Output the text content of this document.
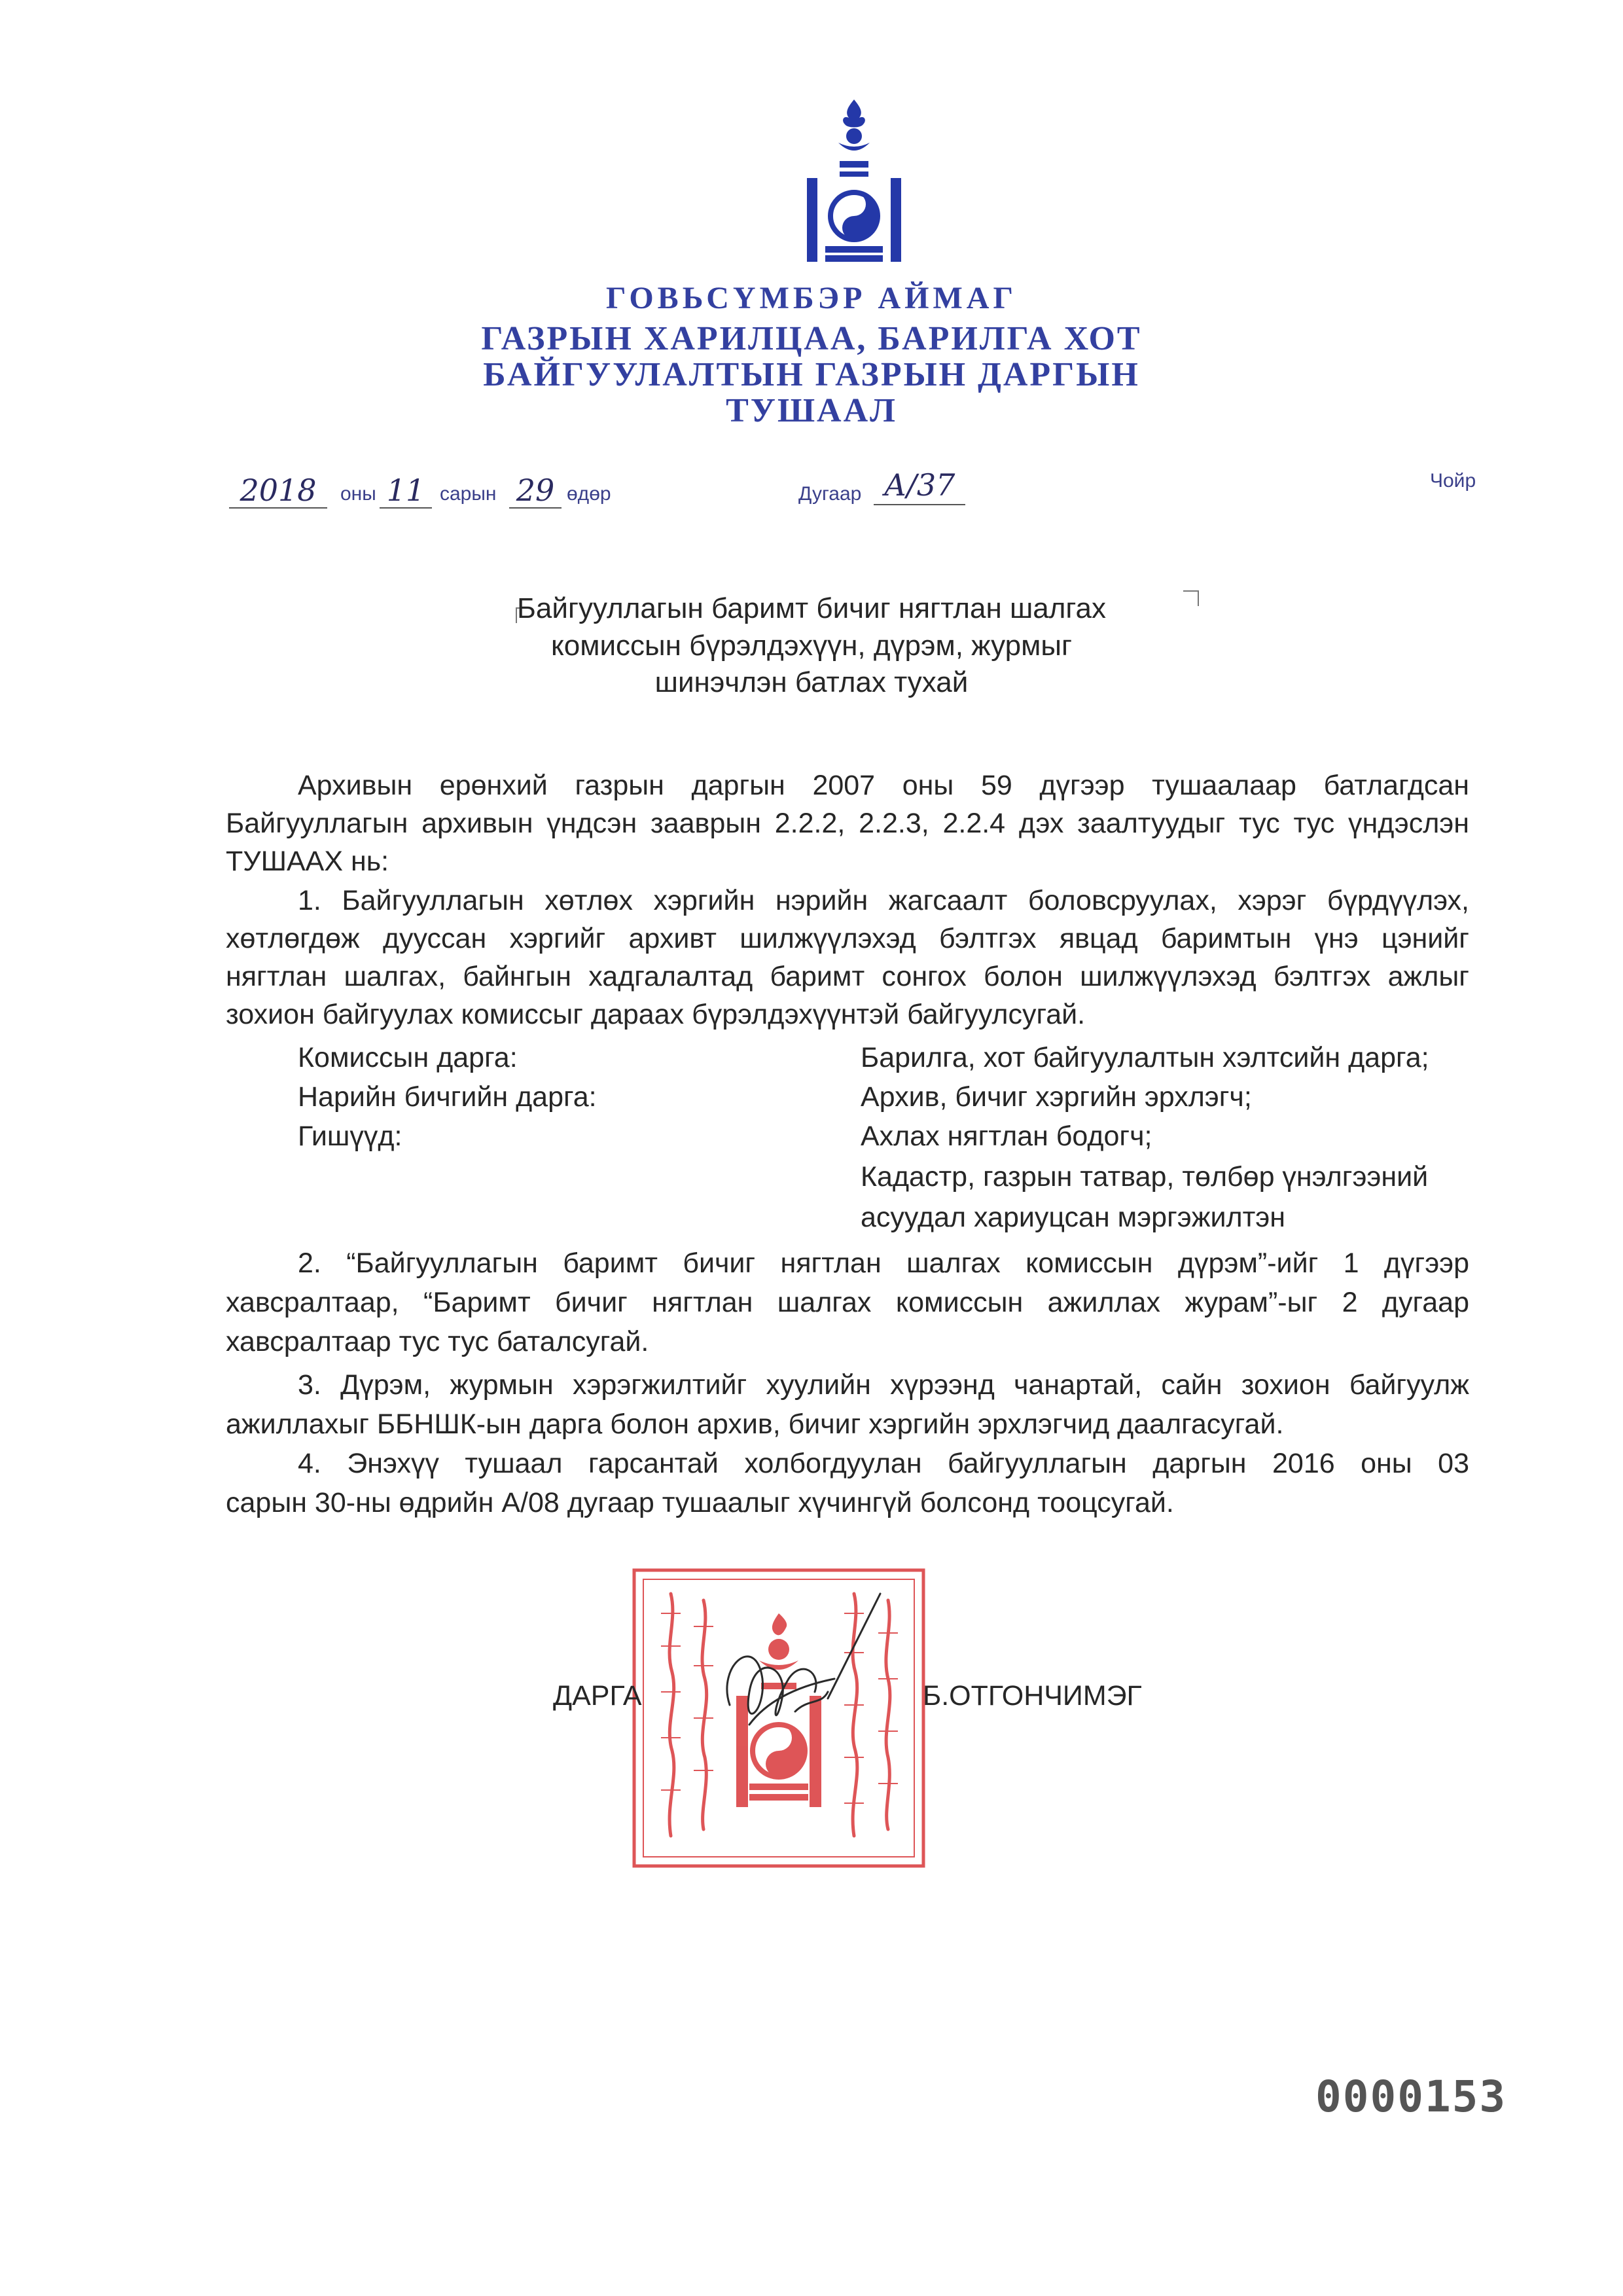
ГОВЬСҮМБЭР АЙМАГ
ГАЗРЫН ХАРИЛЦАА, БАРИЛГА ХОТ
БАЙГУУЛАЛТЫН ГАЗРЫН ДАРГЫН
ТУШААЛ
2018	оны 11 сарын 29 өдөр	Дугаар А/37	Чойр
Байгууллагын баримт бичиг нягтлан шалгах
комиссын бүрэлдэхүүн, дүрэм, журмыг
шинэчлэн батлах тухай
Архивын ерөнхий газрын даргын 2007 оны 59 дүгээр тушаалаар батлагдсан
Байгууллагын архивын үндсэн зааврын 2.2.2, 2.2.3, 2.2.4 дэх заалтуудыг тус тус үндэслэн
ТУШААХ нь:
1. Байгууллагын хөтлөх хэргийн нэрийн жагсаалт боловсруулах, хэрэг бүрдүүлэх,
хөтлөгдөж дууссан хэргийг архивт шилжүүлэхэд бэлтгэх явцад баримтын үнэ цэнийг
нягтлан шалгах, байнгын хадгалалтад баримт сонгох болон шилжүүлэхэд бэлтгэх ажлыг
зохион байгуулах комиссыг дараах бүрэлдэхүүнтэй байгуулсугай.
Комиссын дарга:	Барилга, хот байгуулалтын хэлтсийн дарга;
Нарийн бичгийн дарга:	Архив, бичиг хэргийн эрхлэгч;
Гишүүд:	Ахлах нягтлан бодогч;
Кадастр, газрын татвар, төлбөр үнэлгээний
асуудал хариуцсан мэргэжилтэн
2. “Байгууллагын баримт бичиг нягтлан шалгах комиссын дүрэм”-ийг 1 дүгээр
хавсралтаар, “Баримт бичиг нягтлан шалгах комиссын ажиллах журам”-ыг 2 дугаар
хавсралтаар тус тус баталсугай.
3. Дүрэм, журмын хэрэгжилтийг хуулийн хүрээнд чанартай, сайн зохион байгуулж
ажиллахыг ББНШК-ын дарга болон архив, бичиг хэргийн эрхлэгчид даалгасугай.
4. Энэхүү тушаал гарсантай холбогдуулан байгууллагын даргын 2016 оны 03
сарын 30-ны өдрийн А/08 дугаар тушаалыг хүчингүй болсонд тооцсугай.
ДАРГА	Б.ОТГОНЧИМЭГ
0000153
